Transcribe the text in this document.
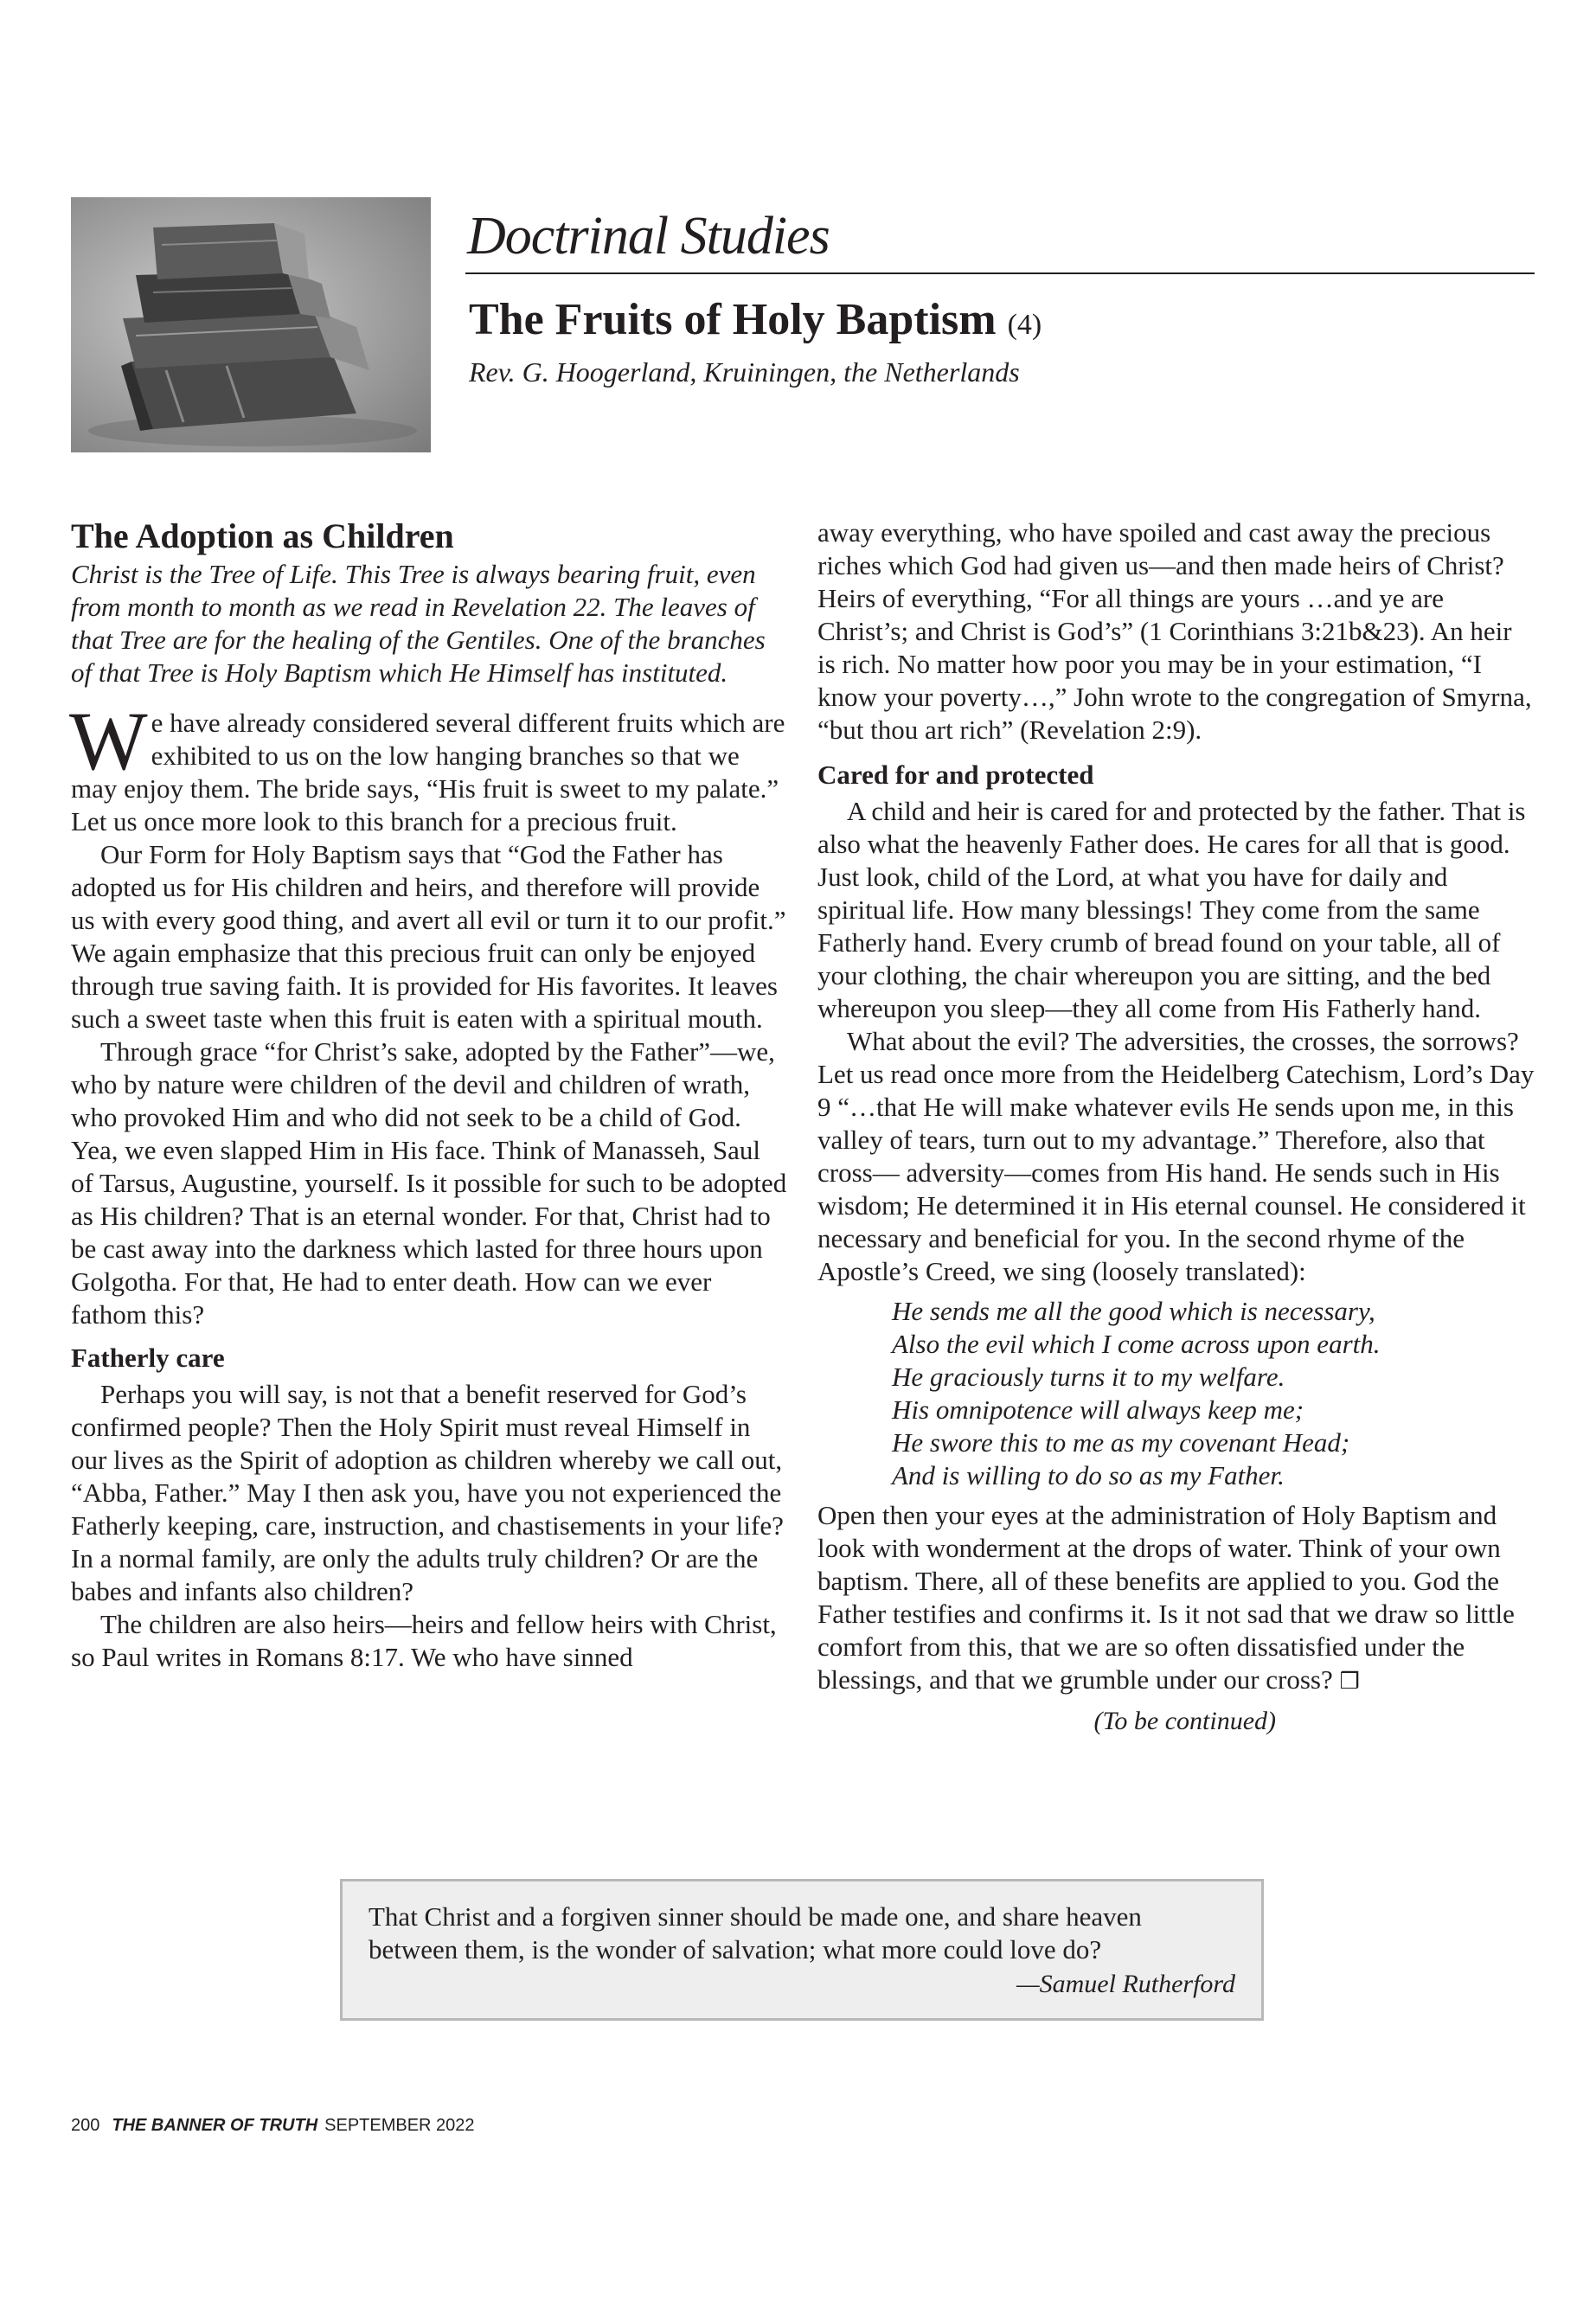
Doctrinal Studies
The Fruits of Holy Baptism (4)
Rev. G. Hoogerland, Kruiningen, the Netherlands
The Adoption as Children

Christ is the Tree of Life. This Tree is always bearing fruit, even from month to month as we read in Revelation 22. The leaves of that Tree are for the healing of the Gentiles. One of the branches of that Tree is Holy Baptism which He Himself has instituted.

We have already considered several different fruits which are exhibited to us on the low hanging branches so that we may enjoy them. The bride says, “His fruit is sweet to my palate.” Let us once more look to this branch for a precious fruit.

Our Form for Holy Baptism says that “God the Father has adopted us for His children and heirs, and therefore will provide us with every good thing, and avert all evil or turn it to our profit.” We again emphasize that this precious fruit can only be enjoyed through true saving faith. It is provided for His favorites. It leaves such a sweet taste when this fruit is eaten with a spiritual mouth.

Through grace “for Christ’s sake, adopted by the Father”—we, who by nature were children of the devil and children of wrath, who provoked Him and who did not seek to be a child of God. Yea, we even slapped Him in His face. Think of Manasseh, Saul of Tarsus, Augustine, yourself. Is it possible for such to be adopted as His children? That is an eternal wonder. For that, Christ had to be cast away into the darkness which lasted for three hours upon Golgotha. For that, He had to enter death. How can we ever fathom this?

Fatherly care

Perhaps you will say, is not that a benefit reserved for God’s confirmed people? Then the Holy Spirit must reveal Himself in our lives as the Spirit of adoption as children whereby we call out, “Abba, Father.” May I then ask you, have you not experienced the Fatherly keeping, care, instruction, and chastisements in your life? In a normal family, are only the adults truly children? Or are the babes and infants also children?

The children are also heirs—heirs and fellow heirs with Christ, so Paul writes in Romans 8:17. We who have sinned

away everything, who have spoiled and cast away the precious riches which God had given us—and then made heirs of Christ? Heirs of everything, “For all things are yours …and ye are Christ’s; and Christ is God’s” (1 Corinthians 3:21b&23). An heir is rich. No matter how poor you may be in your estimation, “I know your poverty…,” John wrote to the congregation of Smyrna, “but thou art rich” (Revelation 2:9).

Cared for and protected

A child and heir is cared for and protected by the father. That is also what the heavenly Father does. He cares for all that is good. Just look, child of the Lord, at what you have for daily and spiritual life. How many blessings! They come from the same Fatherly hand. Every crumb of bread found on your table, all of your clothing, the chair whereupon you are sitting, and the bed whereupon you sleep—they all come from His Fatherly hand.

What about the evil? The adversities, the crosses, the sorrows? Let us read once more from the Heidelberg Catechism, Lord’s Day 9 “…that He will make whatever evils He sends upon me, in this valley of tears, turn out to my advantage.” Therefore, also that cross— adversity—comes from His hand. He sends such in His wisdom; He determined it in His eternal counsel. He considered it necessary and beneficial for you. In the second rhyme of the Apostle’s Creed, we sing (loosely translated):

He sends me all the good which is necessary,
Also the evil which I come across upon earth.
He graciously turns it to my welfare.
His omnipotence will always keep me;
He swore this to me as my covenant Head;
And is willing to do so as my Father.

Open then your eyes at the administration of Holy Baptism and look with wonderment at the drops of water. Think of your own baptism. There, all of these benefits are applied to you. God the Father testifies and confirms it. Is it not sad that we draw so little comfort from this, that we are so often dissatisfied under the blessings, and that we grumble under our cross? ❒

(To be continued)
That Christ and a forgiven sinner should be made one, and share heaven between them, is the wonder of salvation; what more could love do?
—Samuel Rutherford
200 THE BANNER OF TRUTH SEPTEMBER 2022
